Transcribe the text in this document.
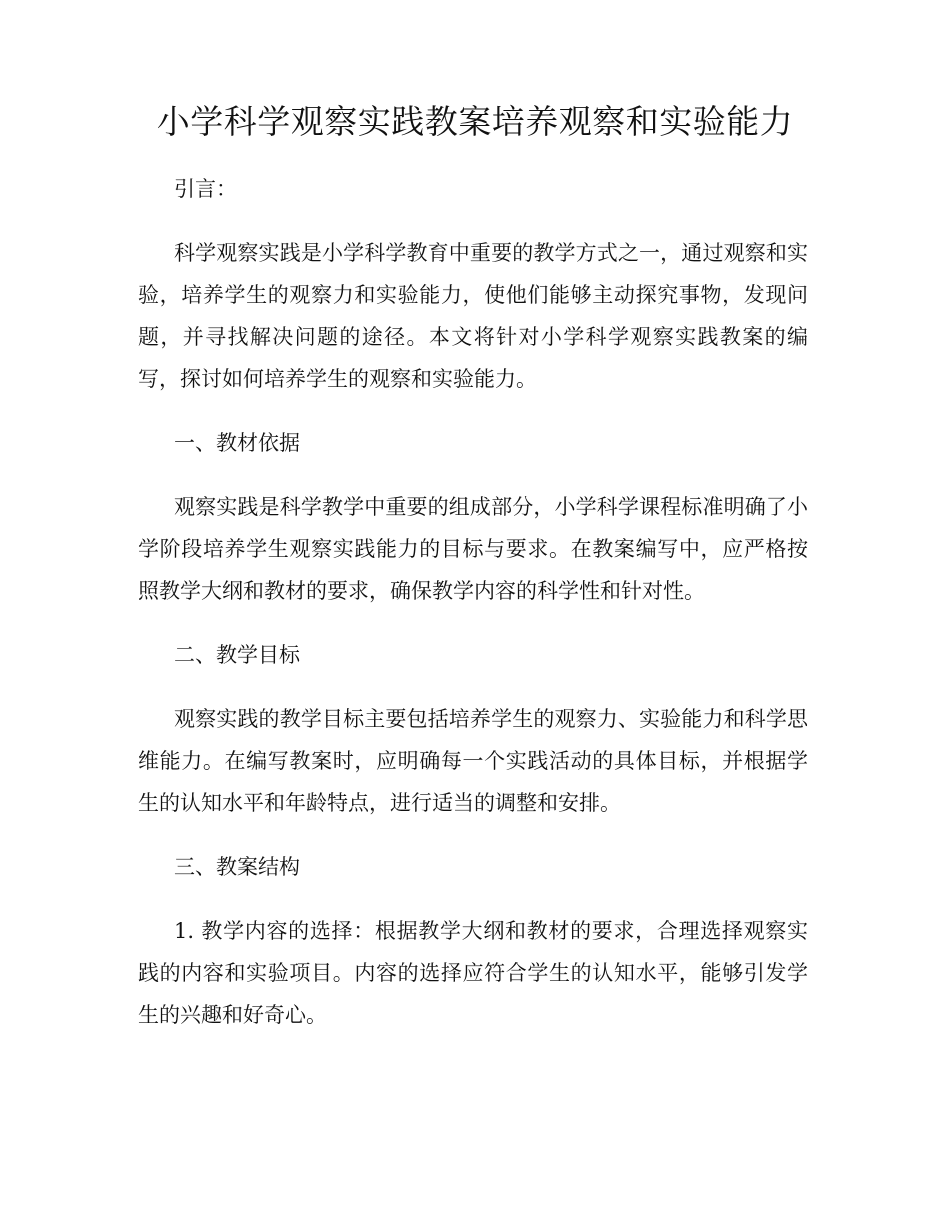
小学科学观察实践教案培养观察和实验能力

引言：

科学观察实践是小学科学教育中重要的教学方式之一，通过观察和实验，培养学生的观察力和实验能力，使他们能够主动探究事物，发现问题，并寻找解决问题的途径。本文将针对小学科学观察实践教案的编写，探讨如何培养学生的观察和实验能力。

一、教材依据

观察实践是科学教学中重要的组成部分，小学科学课程标准明确了小学阶段培养学生观察实践能力的目标与要求。在教案编写中，应严格按照教学大纲和教材的要求，确保教学内容的科学性和针对性。

二、教学目标

观察实践的教学目标主要包括培养学生的观察力、实验能力和科学思维能力。在编写教案时，应明确每一个实践活动的具体目标，并根据学生的认知水平和年龄特点，进行适当的调整和安排。

三、教案结构

1. 教学内容的选择：根据教学大纲和教材的要求，合理选择观察实践的内容和实验项目。内容的选择应符合学生的认知水平，能够引发学生的兴趣和好奇心。
